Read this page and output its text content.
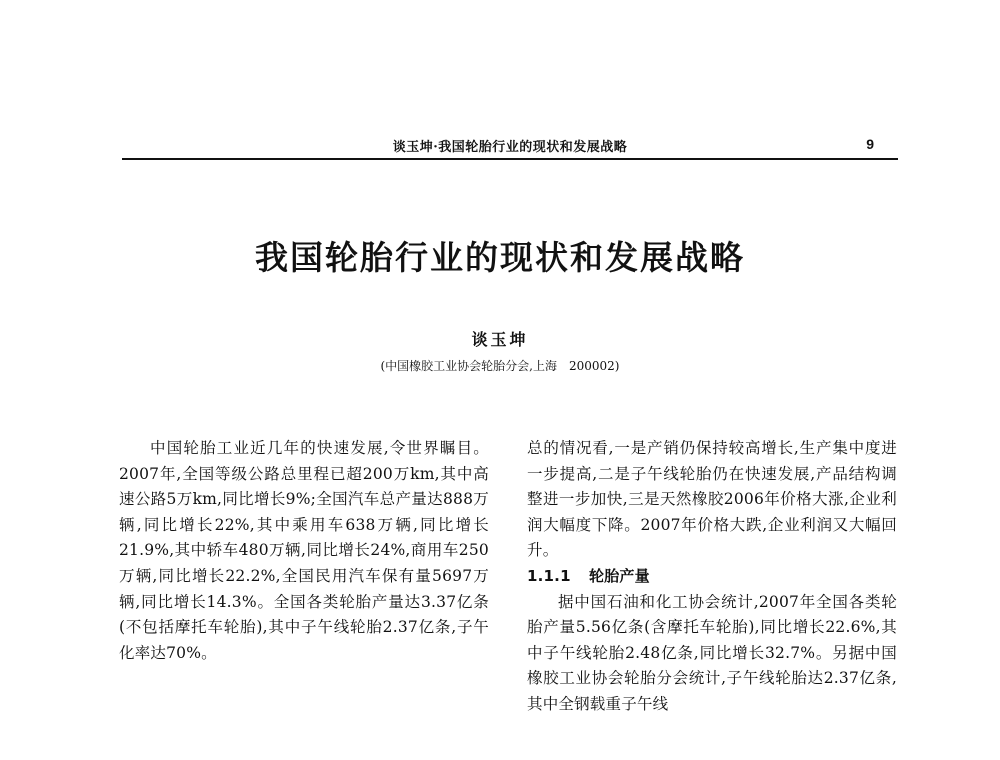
谈玉坤·我国轮胎行业的现状和发展战略	9
我国轮胎行业的现状和发展战略
谈玉坤
(中国橡胶工业协会轮胎分会,上海　200002)

中国轮胎工业近几年的快速发展,令世界瞩目。2007年,全国等级公路总里程已超200万km,其中高速公路5万km,同比增长9%;全国汽车总产量达888万辆,同比增长22%,其中乘用车638万辆,同比增长21.9%,其中轿车480万辆,同比增长24%,商用车250万辆,同比增长22.2%,全国民用汽车保有量5697万辆,同比增长14.3%。全国各类轮胎产量达3.37亿条(不包括摩托车轮胎),其中子午线轮胎2.37亿条,子午化率达70%。

总的情况看,一是产销仍保持较高增长,生产集中度进一步提高,二是子午线轮胎仍在快速发展,产品结构调整进一步加快,三是天然橡胶2006年价格大涨,企业利润大幅度下降。2007年价格大跌,企业利润又大幅回升。

1.1.1 轮胎产量

据中国石油和化工协会统计,2007年全国各类轮胎产量5.56亿条(含摩托车轮胎),同比增长22.6%,其中子午线轮胎2.48亿条,同比增长32.7%。另据中国橡胶工业协会轮胎分会统计,子午线轮胎达2.37亿条,其中全钢载重子午线
